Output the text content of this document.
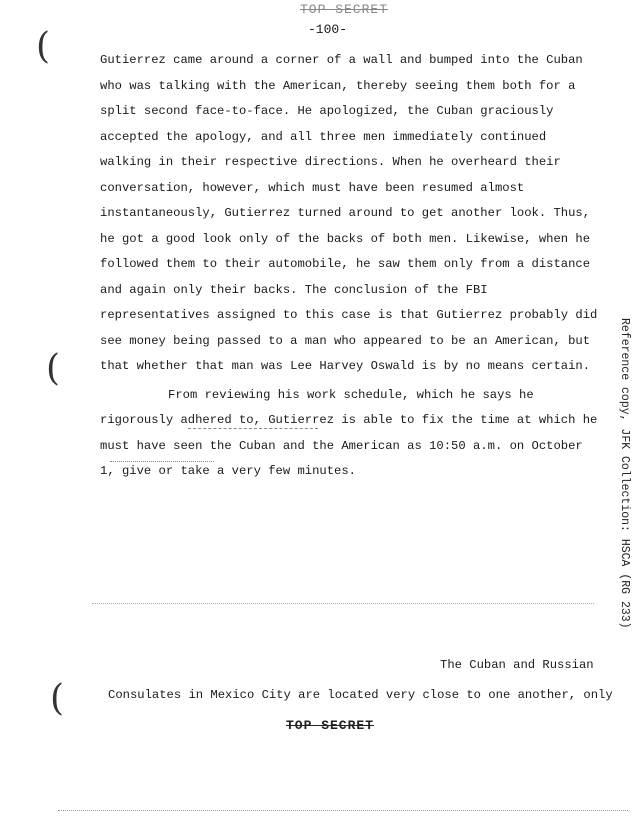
TOP SECRET
-100-
(
(
(

Gutierrez came around a corner of a wall and bumped into the Cuban who was talking with the American, thereby seeing them both for a split second face-to-face. He apologized, the Cuban graciously accepted the apology, and all three men immediately continued walking in their respective directions. When he overheard their conversation, however, which must have been resumed almost instantaneously, Gutierrez turned around to get another look. Thus, he got a good look only of the backs of both men. Likewise, when he followed them to their automobile, he saw them only from a distance and again only their backs. The conclusion of the FBI representatives assigned to this case is that Gutierrez probably did see money being passed to a man who appeared to be an American, but that whether that man was Lee Harvey Oswald is by no means certain.

From reviewing his work schedule, which he says he rigorously adhered to, Gutierrez is able to fix the time at which he must have seen the Cuban and the American as 10:50 a.m. on October 1, give or take a very few minutes.

The Cuban and Russian
Consulates in Mexico City are located very close to one another, only
TOP SECRET
Reference copy, JFK Collection: HSCA (RG 233)
